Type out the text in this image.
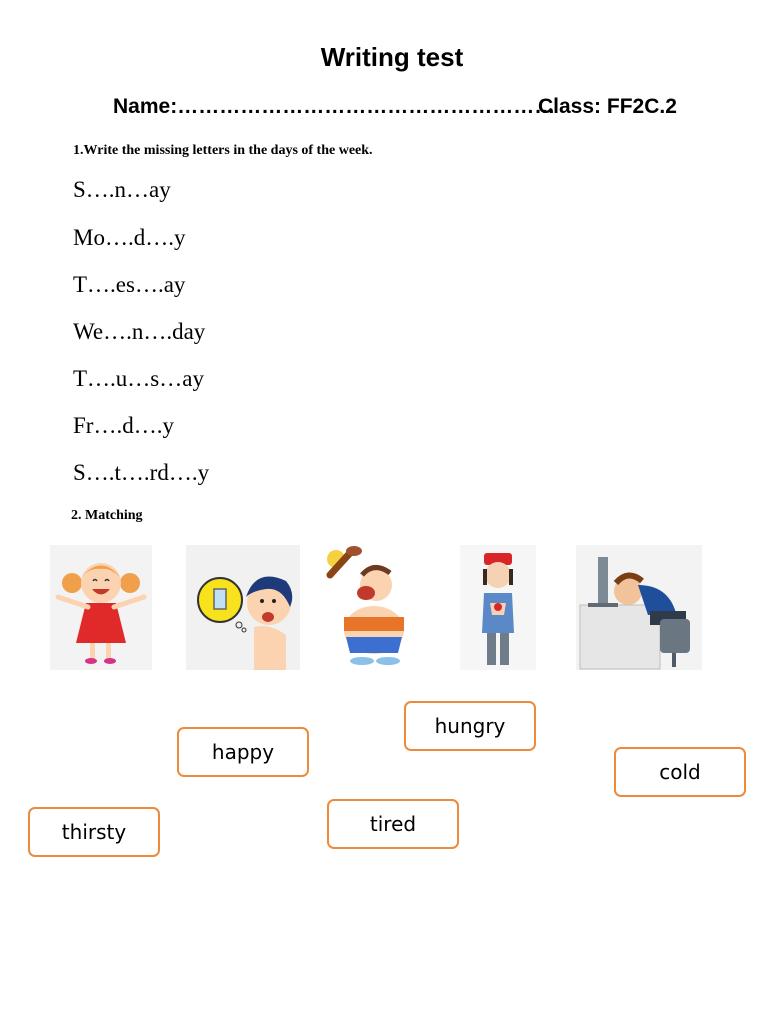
Writing test
Name:………………………………………………
Class: FF2C.2
1.Write the missing letters in the days of the week.
S….n…ay
Mo….d….y
T….es….ay
We….n….day
T….u…s…ay
Fr….d….y
S….t….rd….y
2. Matching
happy
hungry
cold
thirsty	tired
